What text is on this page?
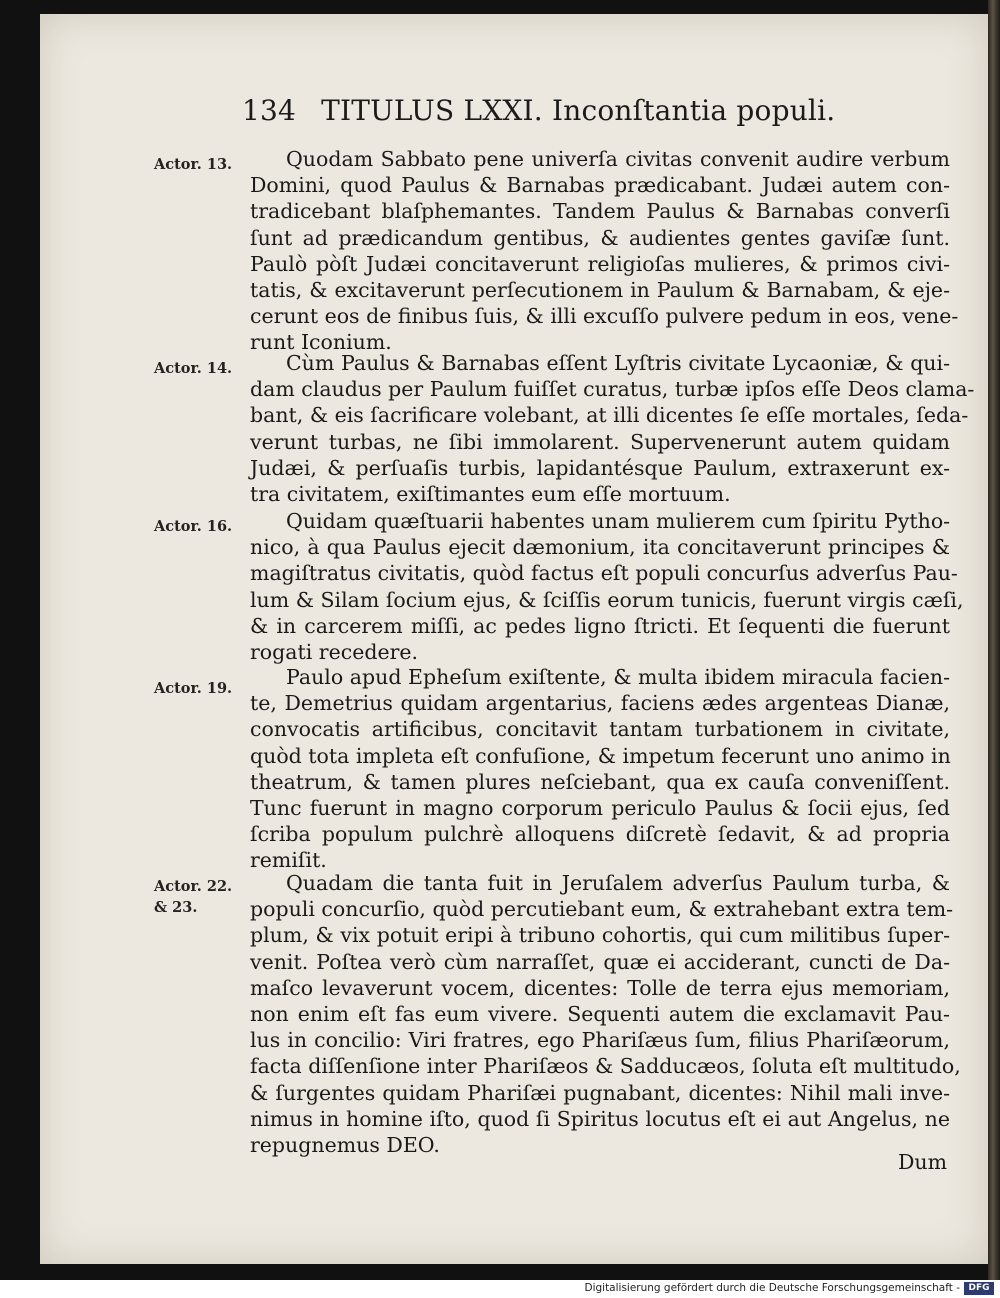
134 TITULUS LXXI. Inconſtantia populi.
Actor. 13.	Quodam Sabbato pene univerſa civitas convenit audire verbum
Domini, quod Paulus & Barnabas prædicabant. Judæi autem con-
tradicebant blaſphemantes. Tandem Paulus & Barnabas converſi
ſunt ad prædicandum gentibus, & audientes gentes gaviſæ ſunt.
Paulò pòſt Judæi concitaverunt religioſas mulieres, & primos civi-
tatis, & excitaverunt perſecutionem in Paulum & Barnabam, & eje-
cerunt eos de finibus ſuis, & illi excuſſo pulvere pedum in eos, vene-
runt Iconium.
Actor. 14.	Cùm Paulus & Barnabas eſſent Lyſtris civitate Lycaoniæ, & qui-
dam claudus per Paulum fuiſſet curatus, turbæ ipſos eſſe Deos clama-
bant, & eis ſacrificare volebant, at illi dicentes ſe eſſe mortales, ſeda-
verunt turbas, ne ſibi immolarent. Supervenerunt autem quidam
Judæi, & perſuaſis turbis, lapidantésque Paulum, extraxerunt ex-
tra civitatem, exiſtimantes eum eſſe mortuum.
Actor. 16.	Quidam quæſtuarii habentes unam mulierem cum ſpiritu Pytho-
nico, à qua Paulus ejecit dæmonium, ita concitaverunt principes &
magiſtratus civitatis, quòd factus eſt populi concurſus adverſus Pau-
lum & Silam ſocium ejus, & ſciſſis eorum tunicis, fuerunt virgis cæſi,
& in carcerem miſſi, ac pedes ligno ſtricti. Et ſequenti die fuerunt
rogati recedere.
Actor. 19.	Paulo apud Epheſum exiſtente, & multa ibidem miracula facien-
te, Demetrius quidam argentarius, faciens ædes argenteas Dianæ,
convocatis artificibus, concitavit tantam turbationem in civitate,
quòd tota impleta eſt confuſione, & impetum fecerunt uno animo in
theatrum, & tamen plures neſciebant, qua ex cauſa conveniſſent.
Tunc fuerunt in magno corporum periculo Paulus & ſocii ejus, ſed
ſcriba populum pulchrè alloquens diſcretè ſedavit, & ad propria
remiſit.
Actor. 22.
& 23.
Quadam die tanta fuit in Jeruſalem adverſus Paulum turba, &
populi concurſio, quòd percutiebant eum, & extrahebant extra tem-
plum, & vix potuit eripi à tribuno cohortis, qui cum militibus ſuper-
venit. Poſtea verò cùm narraſſet, quæ ei acciderant, cuncti de Da-
maſco levaverunt vocem, dicentes: Tolle de terra ejus memoriam,
non enim eſt fas eum vivere. Sequenti autem die exclamavit Pau-
lus in concilio: Viri fratres, ego Phariſæus ſum, filius Phariſæorum,
facta diſſenſione inter Phariſæos & Sadducæos, ſoluta eſt multitudo,
& ſurgentes quidam Phariſæi pugnabant, dicentes: Nihil mali inve-
nimus in homine iſto, quod ſi Spiritus locutus eſt ei aut Angelus, ne
repugnemus DEO.
Dum
Digitalisierung gefördert durch die Deutsche Forschungsgemeinschaft - DFG
